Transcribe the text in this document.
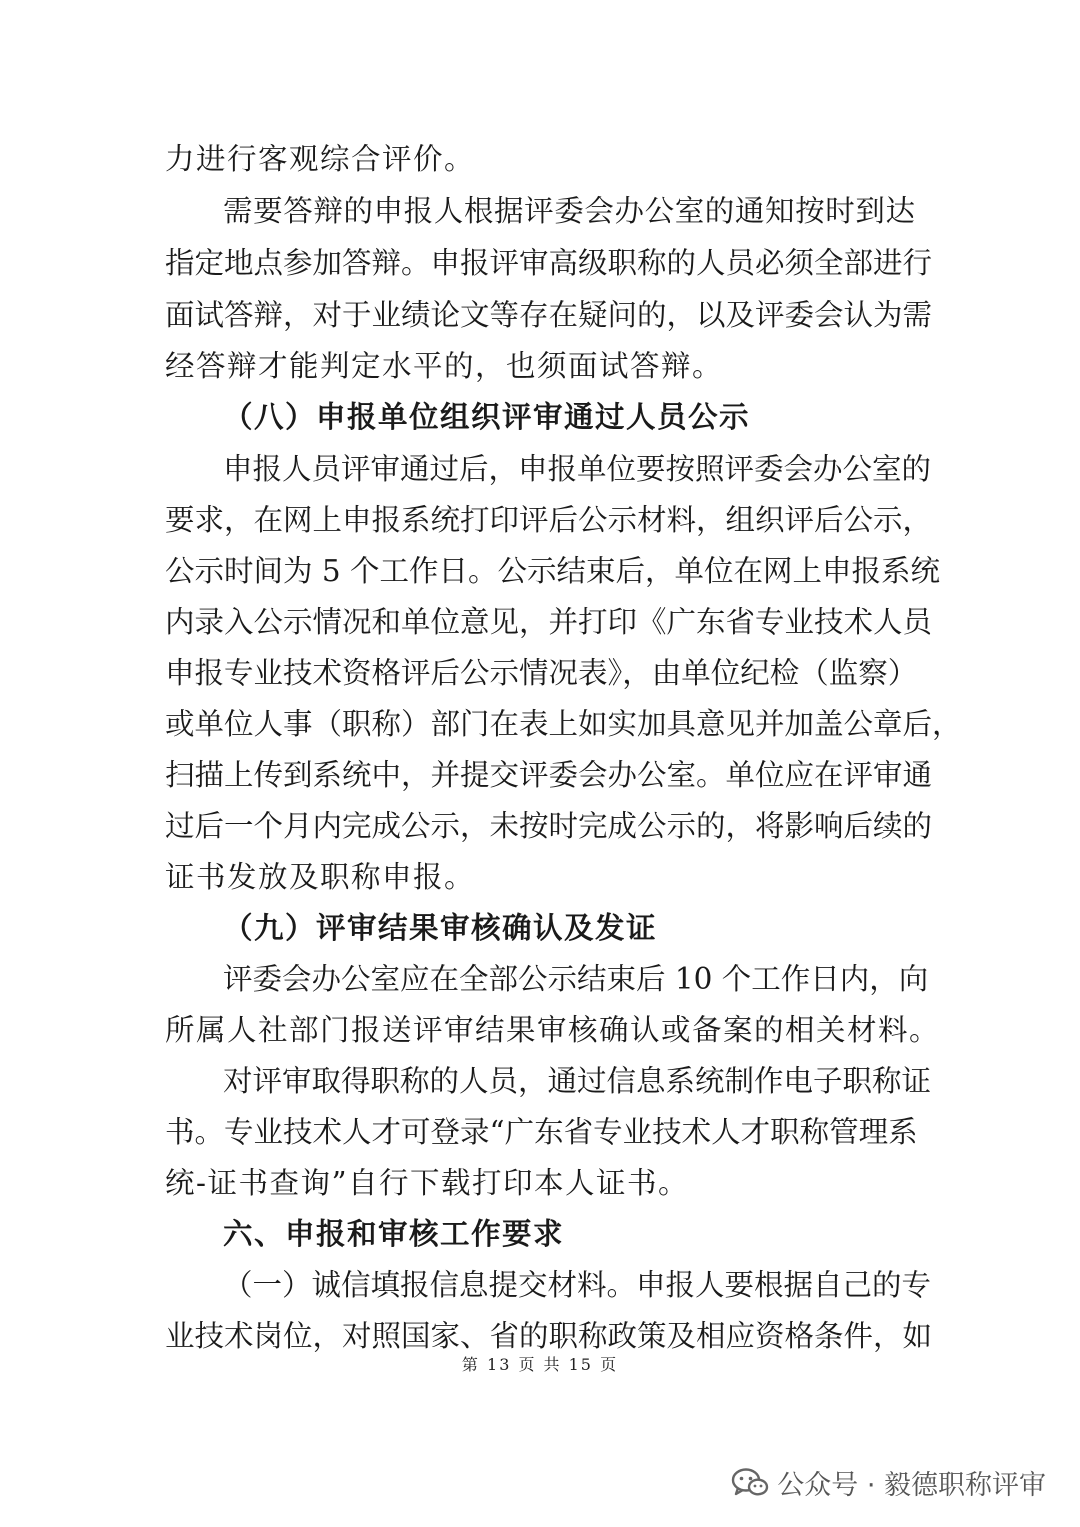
力进行客观综合评价。
需要答辩的申报人根据评委会办公室的通知按时到达
指定地点参加答辩。申报评审高级职称的人员必须全部进行
面试答辩，对于业绩论文等存在疑问的，以及评委会认为需
经答辩才能判定水平的，也须面试答辩。
（八）申报单位组织评审通过人员公示
申报人员评审通过后，申报单位要按照评委会办公室的
要求，在网上申报系统打印评后公示材料，组织评后公示，
公示时间为 5 个工作日。公示结束后，单位在网上申报系统
内录入公示情况和单位意见，并打印《广东省专业技术人员
申报专业技术资格评后公示情况表》，由单位纪检（监察）
或单位人事（职称）部门在表上如实加具意见并加盖公章后，
扫描上传到系统中，并提交评委会办公室。单位应在评审通
过后一个月内完成公示，未按时完成公示的，将影响后续的
证书发放及职称申报。
（九）评审结果审核确认及发证
评委会办公室应在全部公示结束后 10 个工作日内，向
所属人社部门报送评审结果审核确认或备案的相关材料。
对评审取得职称的人员，通过信息系统制作电子职称证
书。专业技术人才可登录“广东省专业技术人才职称管理系
统-证书查询”自行下载打印本人证书。
六、申报和审核工作要求
（一）诚信填报信息提交材料。申报人要根据自己的专
业技术岗位，对照国家、省的职称政策及相应资格条件，如
第 13 页 共 15 页
公众号 · 毅德职称评审
